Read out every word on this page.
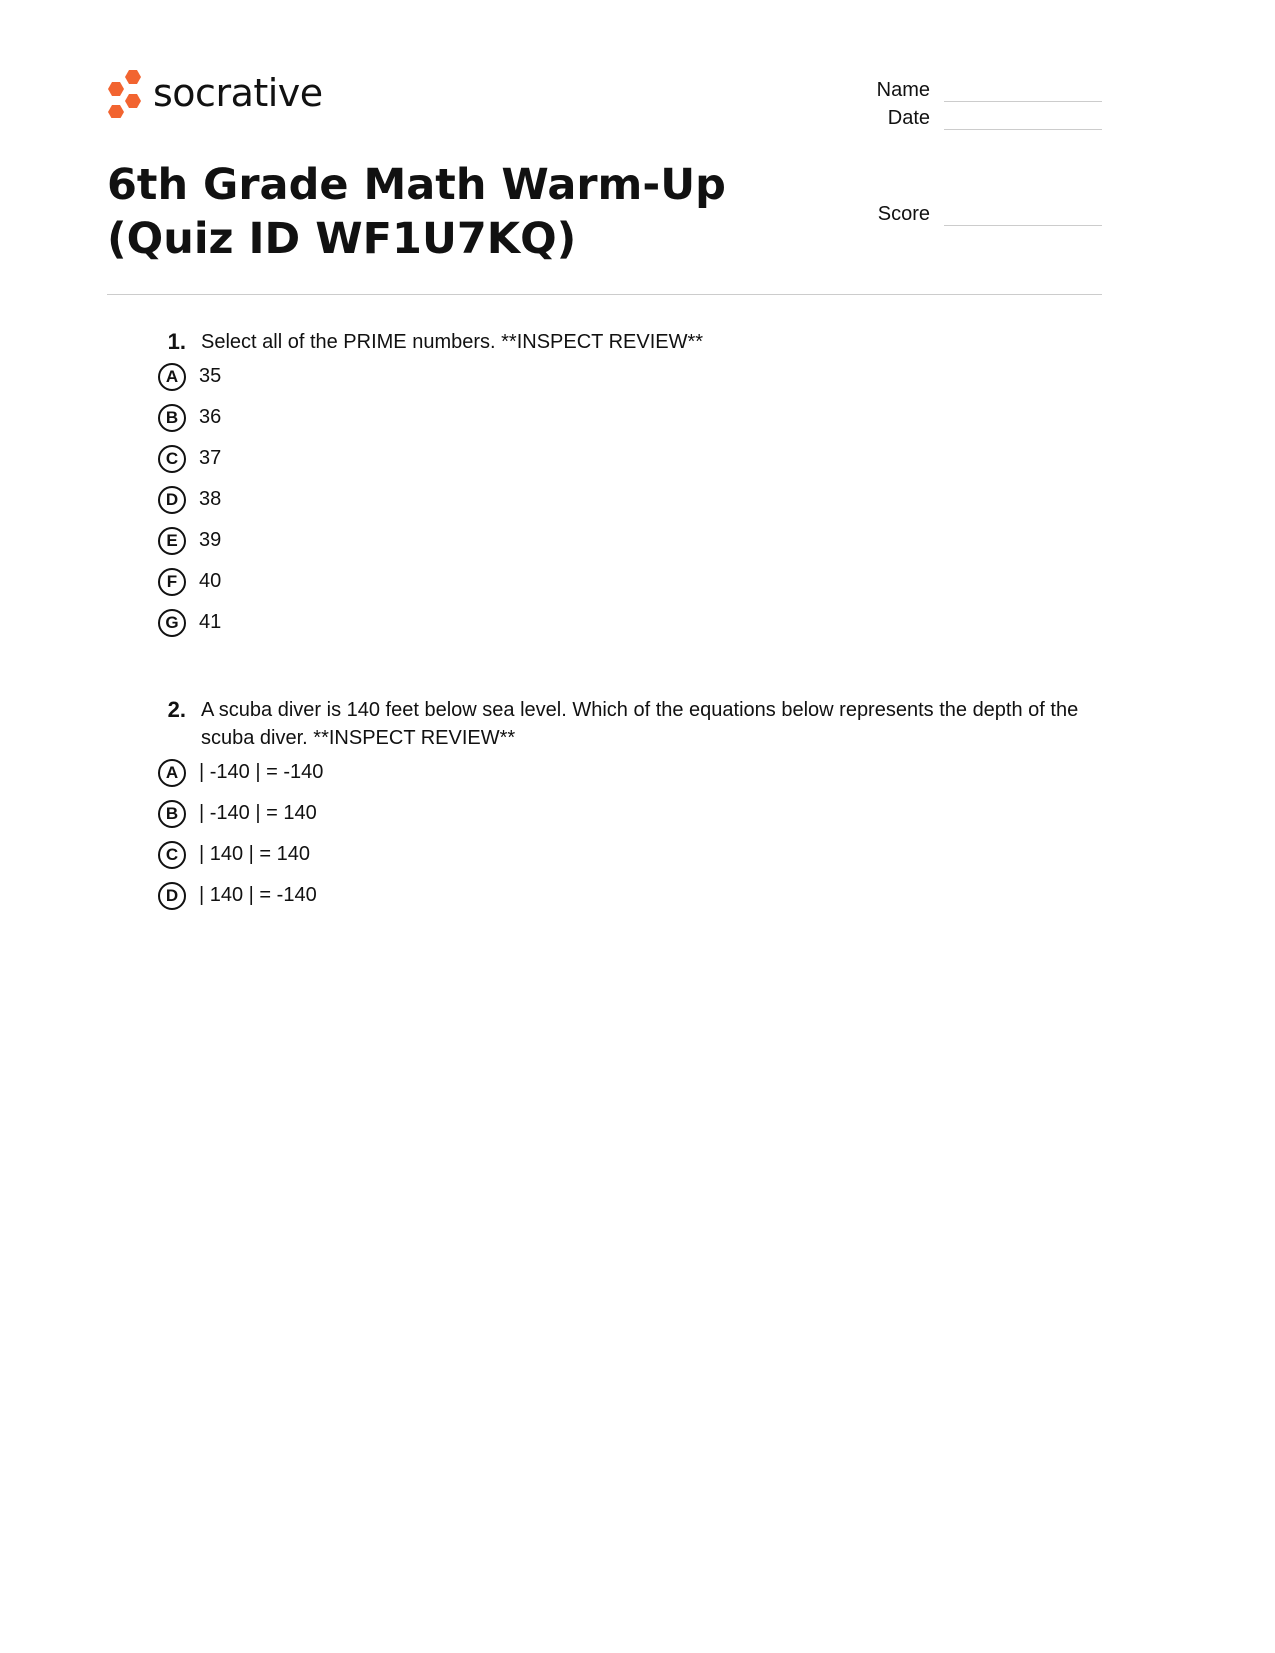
socrative	Name
Date
Score
6th Grade Math Warm-Up (Quiz ID WF1U7KQ)
1. Select all of the PRIME numbers. **INSPECT REVIEW**
A	35
B	36
C	37
D	38
E	39
F	40
G	41
2. A scuba diver is 140 feet below sea level. Which of the equations below represents the depth of the scuba diver. **INSPECT REVIEW**
A	| -140 | = -140
B	| -140 | = 140
C	| 140 | = 140
D	| 140 | = -140
